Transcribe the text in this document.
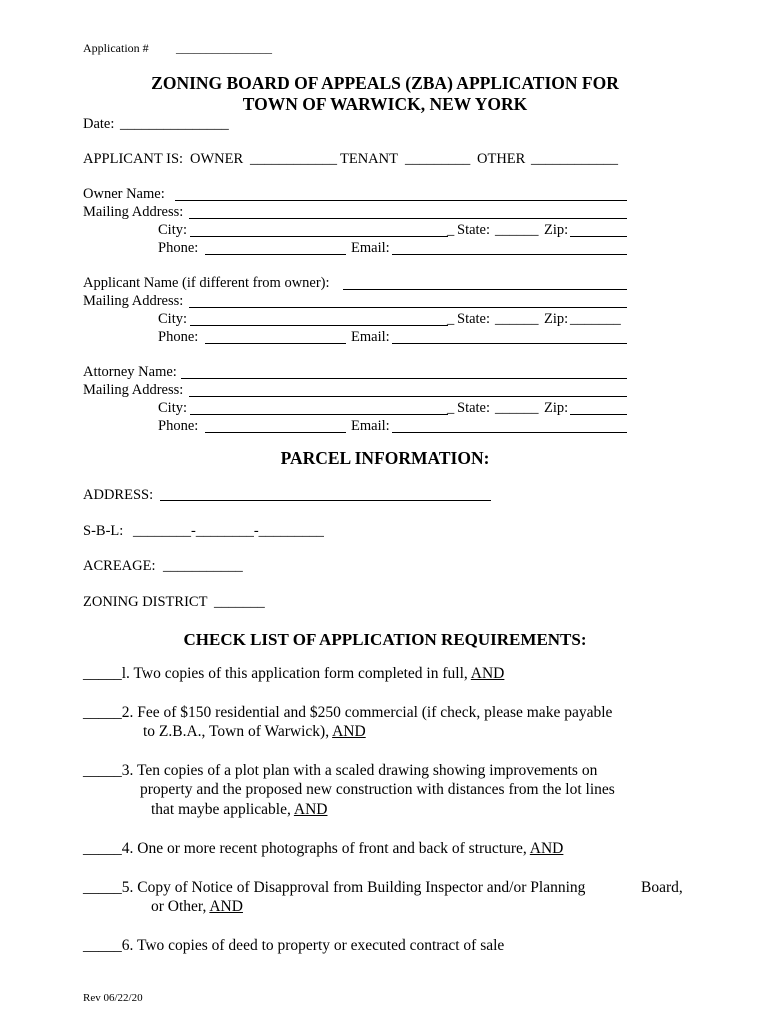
Application # ________________
ZONING BOARD OF APPEALS (ZBA) APPLICATION FOR
TOWN OF WARWICK, NEW YORK
Date: _______________
APPLICANT IS: OWNER ____________ TENANT _________ OTHER ____________
Owner Name:
Mailing Address:
City:	_ State: ______ Zip:
Phone:	Email:
Applicant Name (if different from owner):
Mailing Address:
City:	_ State: ______ Zip: _______
Phone:	Email:
Attorney Name:
Mailing Address:
City:	_ State: ______ Zip:
Phone:	Email:
PARCEL INFORMATION:
ADDRESS:
S-B-L: ________-________-_________
ACREAGE: ___________
ZONING DISTRICT _______
CHECK LIST OF APPLICATION REQUIREMENTS:
_____l. Two copies of this application form completed in full, AND
_____2. Fee of $150 residential and $250 commercial (if check, please make payable
to Z.B.A., Town of Warwick), AND
_____3. Ten copies of a plot plan with a scaled drawing showing improvements on
property and the proposed new construction with distances from the lot lines
that maybe applicable, AND
_____4. One or more recent photographs of front and back of structure, AND
_____5. Copy of Notice of Disapproval from Building Inspector and/or Planning	Board,
or Other, AND
_____6. Two copies of deed to property or executed contract of sale
Rev 06/22/20
